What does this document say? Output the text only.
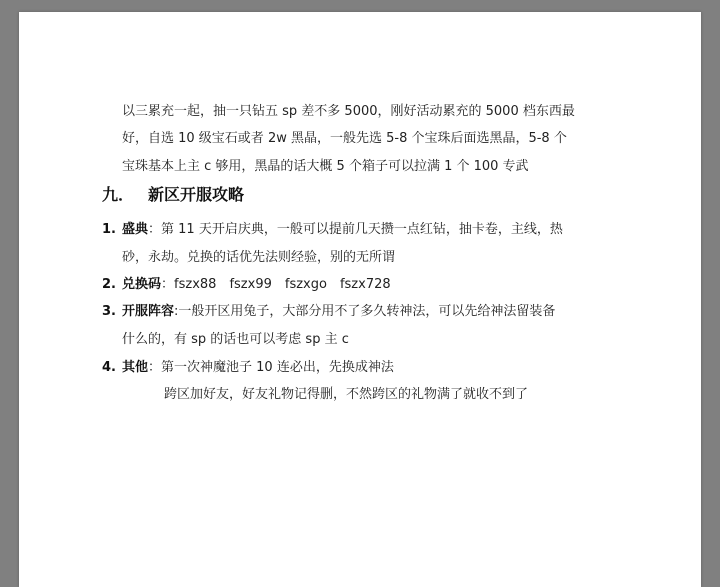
以三累充一起，抽一只钻五 sp 差不多 5000，刚好活动累充的 5000 档东西最
好，自选 10 级宝石或者 2w 黑晶，一般先选 5-8 个宝珠后面选黑晶，5-8 个
宝珠基本上主 c 够用，黑晶的话大概 5 个箱子可以拉满 1 个 100 专武
九． 新区开服攻略
1. 盛典：第 11 天开启庆典，一般可以提前几天攒一点红钻，抽卡卷，主线，热
砂，永劫。兑换的话优先法则经验，别的无所谓
2. 兑换码：fszx88 fszx99 fszxgo fszx728
3. 开服阵容:一般开区用兔子，大部分用不了多久转神法，可以先给神法留装备
什么的，有 sp 的话也可以考虑 sp 主 c
4. 其他：第一次神魔池子 10 连必出，先换成神法
跨区加好友，好友礼物记得删，不然跨区的礼物满了就收不到了
